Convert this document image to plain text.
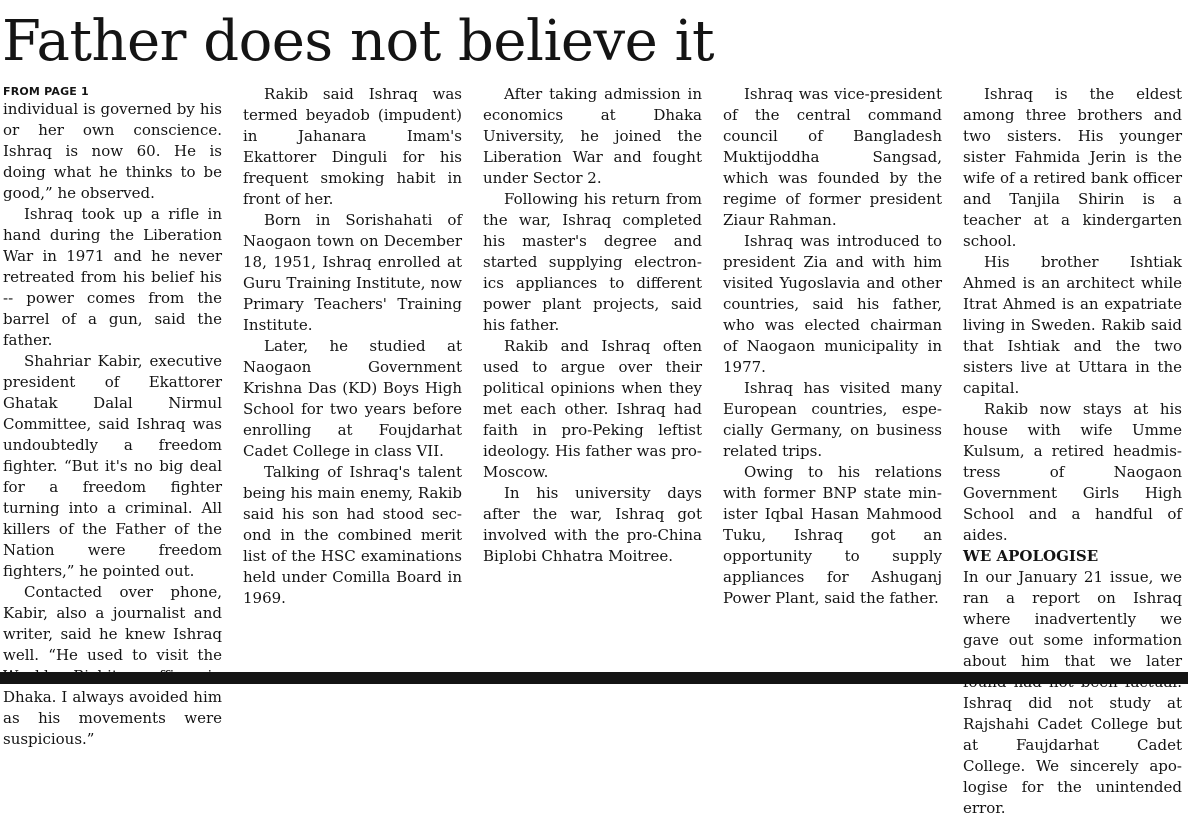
Father does not believe it
FROM PAGE 1

individual is governed by his or her own conscience. Ishraq is now 60. He is doing what he thinks to be good,” he observed.

Ishraq took up a rifle in hand during the Liberation War in 1971 and he never retreated from his belief his -- power comes from the barrel of a gun, said the father.

Shahriar Kabir, executive president of Ekattorer Ghatak Dalal Nirmul Committee, said Ishraq was undoubtedly a freedom fighter. “But it's no big deal for a freedom fighter turning into a criminal. All killers of the Father of the Nation were freedom fighters,” he pointed out.

Contacted over phone, Kabir, also a journalist and writer, said he knew Ishraq well. “He used to visit the Dhaka. I always avoided him as his movements were suspicious.”

Rakib said Ishraq was termed beyadob (impudent) in Jahanara Imam's Ekattorer Dinguli for his frequent smoking habit in front of her.

Born in Sorishahati of Naogaon town on December 18, 1951, Ishraq enrolled at Guru Training Institute, now Primary Teachers' Training Institute.

Later, he studied at Naogaon Government Krishna Das (KD) Boys High School for two years before enrolling at Foujdarhat Cadet College in class VII.

Talking of Ishraq's talent being his main enemy, Rakib said his son had stood second in the combined merit list of the HSC examinations held under Comilla Board in 1969.

After taking admission in economics at Dhaka University, he joined the Liberation War and fought under Sector 2.

Following his return from the war, Ishraq completed his master's degree and started supplying electronics appliances to different power plant projects, said his father.

Rakib and Ishraq often used to argue over their political opinions when they met each other. Ishraq had faith in pro-Peking leftist ideology. His father was pro-Moscow.

In his university days after the war, Ishraq got involved with the pro-China Biplobi Chhatra Moitree.

Ishraq was vice-president of the central command council of Bangladesh Muktijoddha Sangsad, which was founded by the regime of former president Ziaur Rahman.

Ishraq was introduced to president Zia and with him visited Yugoslavia and other countries, said his father, who was elected chairman of Naogaon municipality in 1977.

Ishraq has visited many European countries, especially Germany, on business related trips.

Owing to his relations with former BNP state minister Iqbal Hasan Mahmood Tuku, Ishraq got an opportunity to supply appliances for Ashuganj Power Plant, said the father.

Ishraq is the eldest among three brothers and two sisters. His younger sister Fahmida Jerin is the wife of a retired bank officer and Tanjila Shirin is a teacher at a kindergarten school.

His brother Ishtiak Ahmed is an architect while Itrat Ahmed is an expatriate living in Sweden. Rakib said that Ishtiak and the two sisters live at Uttara in the capital.

Rakib now stays at his house with wife Umme Kulsum, a retired headmistress of Naogaon Government Girls High School and a handful of aides.

WE APOLOGISE

In our January 21 issue, we ran a report on Ishraq where inadvertently we gave out some information about him that we later Ishraq did not study at Rajshahi Cadet College but at Faujdarhat Cadet College. We sincerely apologise for the unintended error.
